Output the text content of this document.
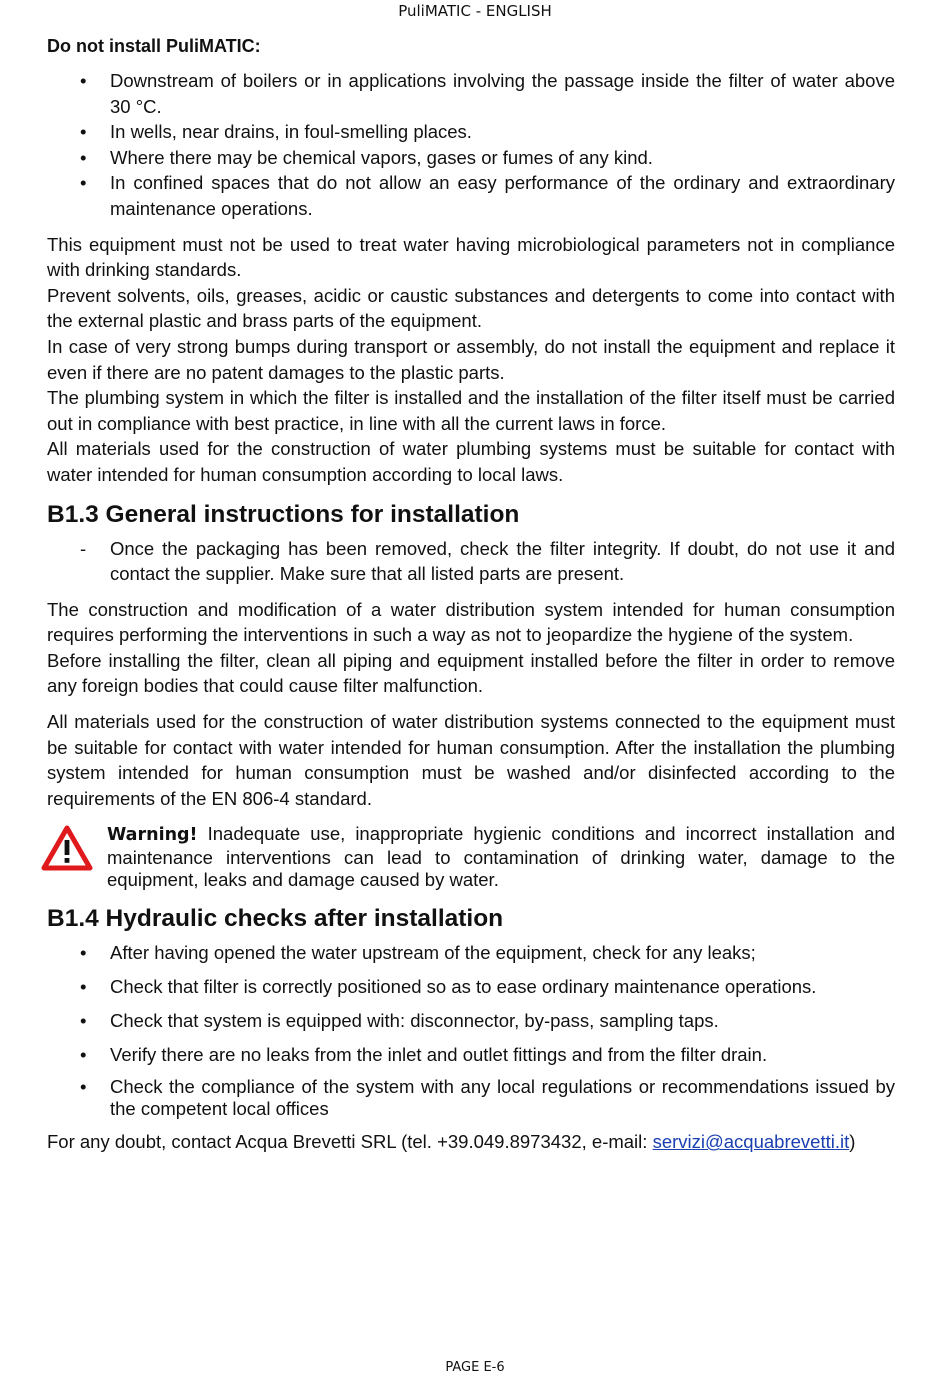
PuliMATIC - ENGLISH
Do not install PuliMATIC:
• Downstream of boilers or in applications involving the passage inside the filter of water above 30 °C.
• In wells, near drains, in foul-smelling places.
• Where there may be chemical vapors, gases or fumes of any kind.
• In confined spaces that do not allow an easy performance of the ordinary and extraordinary maintenance operations.

This equipment must not be used to treat water having microbiological parameters not in compliance with drinking standards.

Prevent solvents, oils, greases, acidic or caustic substances and detergents to come into contact with the external plastic and brass parts of the equipment.

In case of very strong bumps during transport or assembly, do not install the equipment and replace it even if there are no patent damages to the plastic parts.

The plumbing system in which the filter is installed and the installation of the filter itself must be carried out in compliance with best practice, in line with all the current laws in force.

All materials used for the construction of water plumbing systems must be suitable for contact with water intended for human consumption according to local laws.

B1.3 General instructions for installation
- Once the packaging has been removed, check the filter integrity. If doubt, do not use it and contact the supplier. Make sure that all listed parts are present.

The construction and modification of a water distribution system intended for human consumption requires performing the interventions in such a way as not to jeopardize the hygiene of the system.

Before installing the filter, clean all piping and equipment installed before the filter in order to remove any foreign bodies that could cause filter malfunction.

All materials used for the construction of water distribution systems connected to the equipment must be suitable for contact with water intended for human consumption. After the installation the plumbing system intended for human consumption must be washed and/or disinfected according to the requirements of the EN 806-4 standard.

Warning! Inadequate use, inappropriate hygienic conditions and incorrect installation and maintenance interventions can lead to contamination of drinking water, damage to the equipment, leaks and damage caused by water.

B1.4 Hydraulic checks after installation
• After having opened the water upstream of the equipment, check for any leaks;
• Check that filter is correctly positioned so as to ease ordinary maintenance operations.
• Check that system is equipped with: disconnector, by-pass, sampling taps.
• Verify there are no leaks from the inlet and outlet fittings and from the filter drain.
• Check the compliance of the system with any local regulations or recommendations issued by the competent local offices

For any doubt, contact Acqua Brevetti SRL (tel. +39.049.8973432, e-mail: servizi@acquabrevetti.it)

PAGE E-6
